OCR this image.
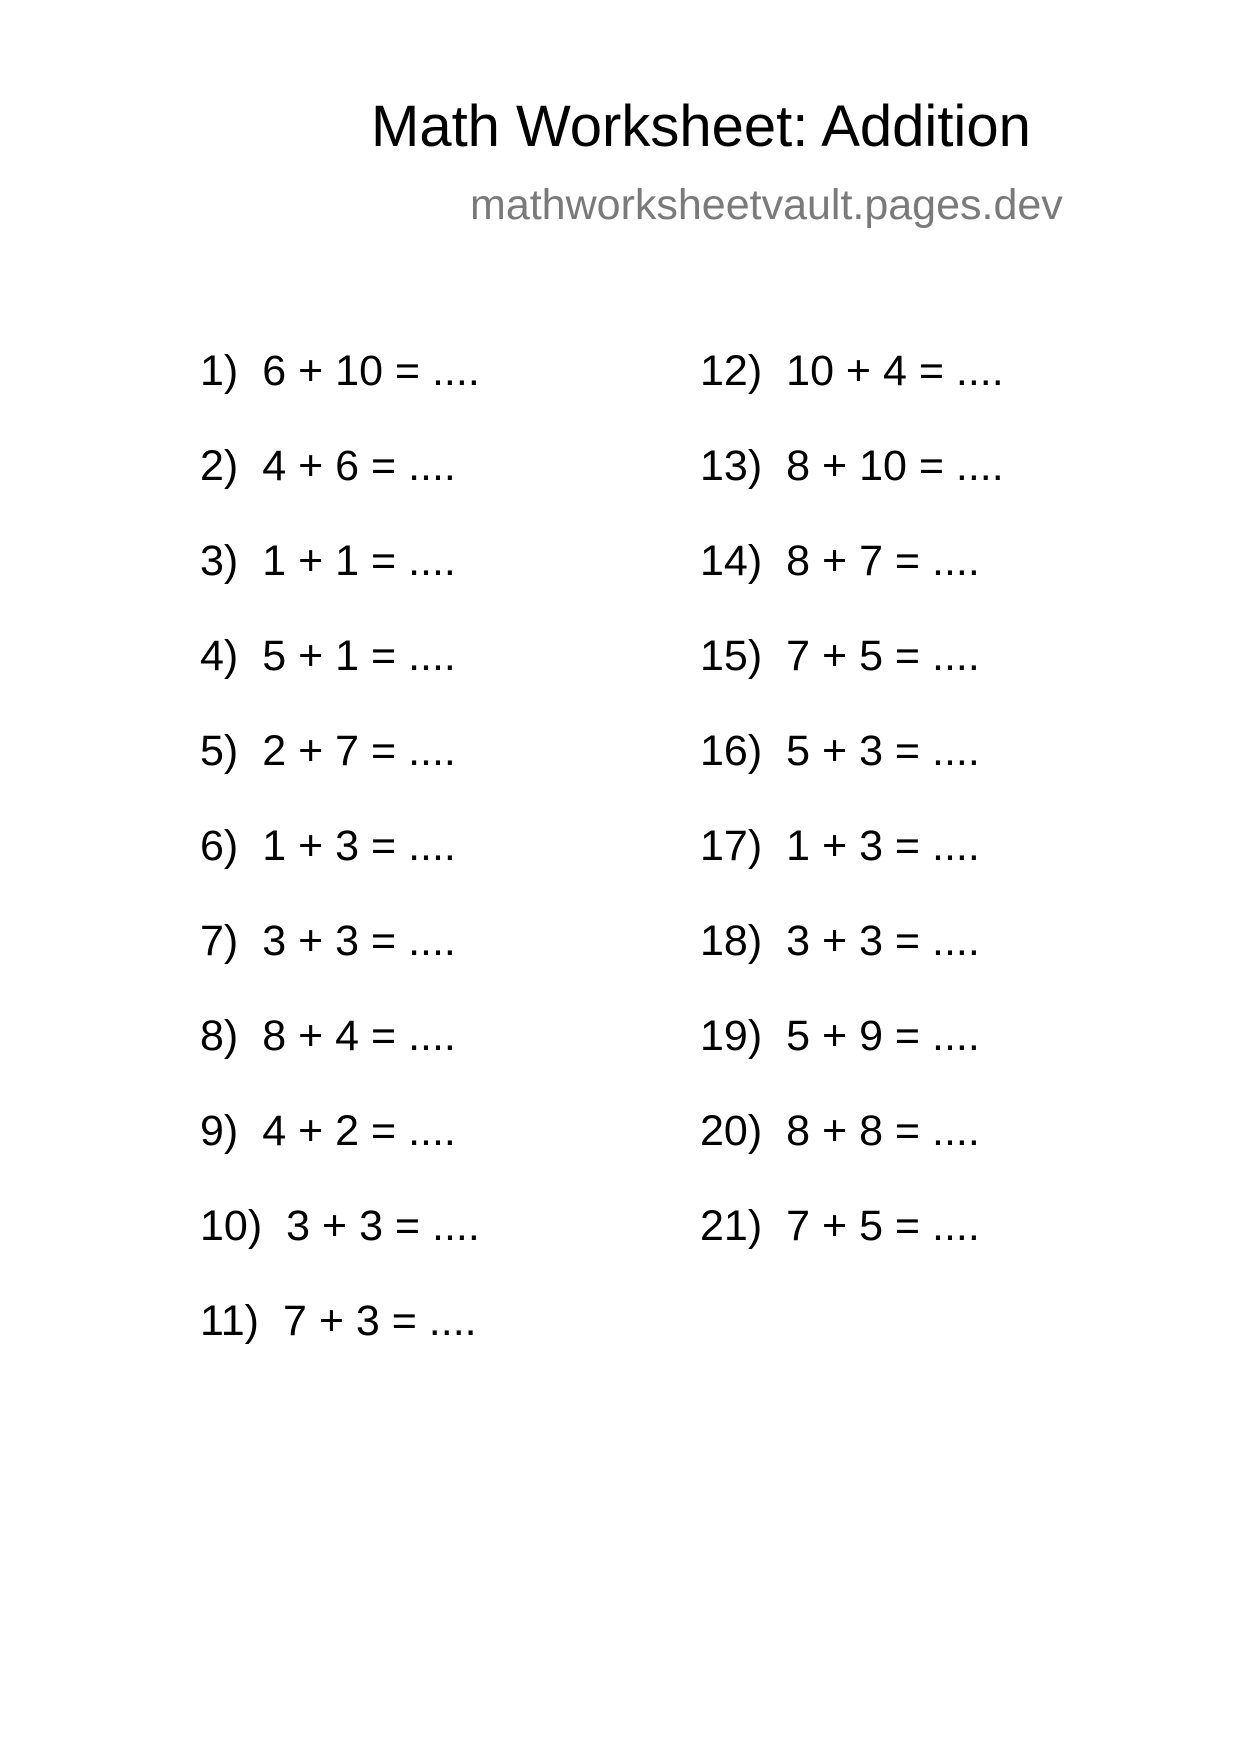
Math Worksheet: Addition
mathworksheetvault.pages.dev
1) 6 + 10 = ....
2) 4 + 6 = ....
3) 1 + 1 = ....
4) 5 + 1 = ....
5) 2 + 7 = ....
6) 1 + 3 = ....
7) 3 + 3 = ....
8) 8 + 4 = ....
9) 4 + 2 = ....
10) 3 + 3 = ....
11) 7 + 3 = ....
12) 10 + 4 = ....
13) 8 + 10 = ....
14) 8 + 7 = ....
15) 7 + 5 = ....
16) 5 + 3 = ....
17) 1 + 3 = ....
18) 3 + 3 = ....
19) 5 + 9 = ....
20) 8 + 8 = ....
21) 7 + 5 = ....
